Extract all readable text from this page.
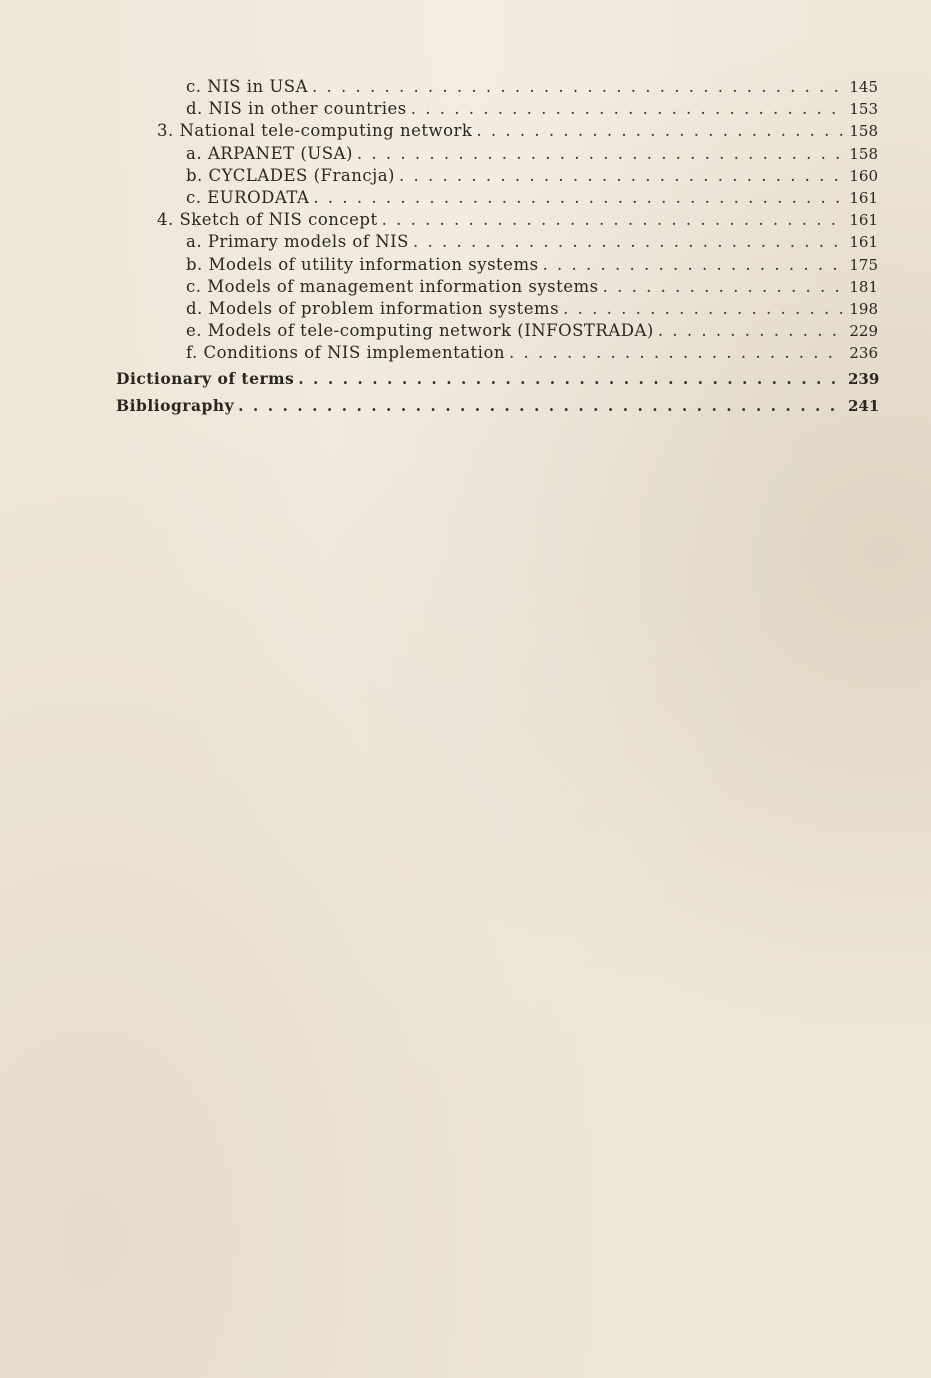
c. NIS in USA . . .	145
d. NIS in other countries . . .	153
3. National tele-computing network . . .	158
a. ARPANET (USA) . . .	158
b. CYCLADES (Francja) . . .	160
c. EURODATA . . .	161
4. Sketch of NIS concept . . .	161
a. Primary models of NIS . . .	161
b. Models of utility information systems . . .	175
c. Models of management information systems . . .	181
d. Models of problem information systems . . .	198
e. Models of tele-computing network (INFOSTRADA) . . .	229
f. Conditions of NIS implementation . . .	236
Dictionary of terms . . .	239
Bibliography . . .	241
